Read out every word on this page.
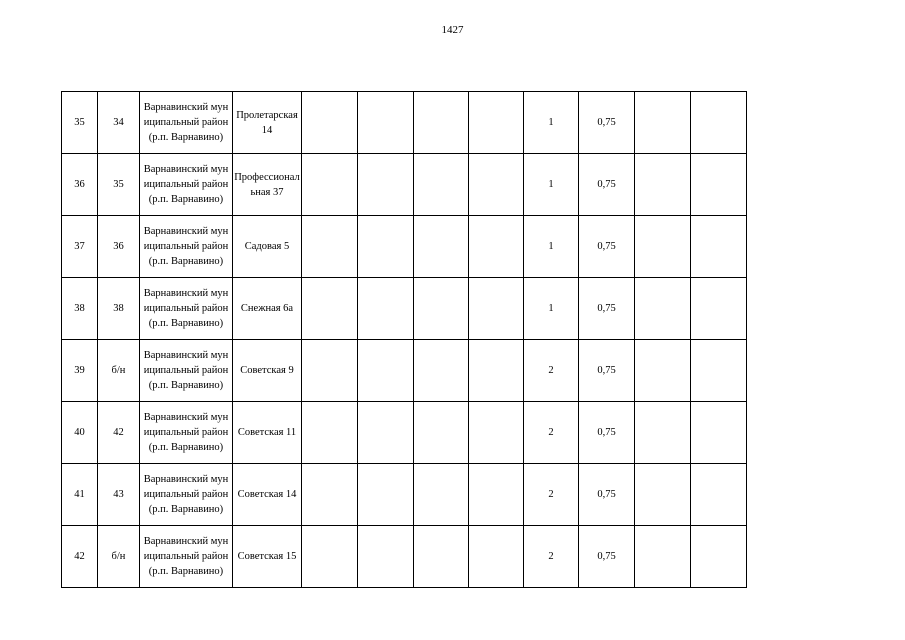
1427
35	34	Варнавинский муниципальный район (р.п. Варнавино)	Пролетарская 14					1	0,75		
36	35	Варнавинский муниципальный район (р.п. Варнавино)	Профессиональная 37					1	0,75		
37	36	Варнавинский муниципальный район (р.п. Варнавино)	Садовая 5					1	0,75		
38	38	Варнавинский муниципальный район (р.п. Варнавино)	Снежная 6а					1	0,75		
39	б/н	Варнавинский муниципальный район (р.п. Варнавино)	Советская 9					2	0,75		
40	42	Варнавинский муниципальный район (р.п. Варнавино)	Советская 11					2	0,75		
41	43	Варнавинский муниципальный район (р.п. Варнавино)	Советская 14					2	0,75		
42	б/н	Варнавинский муниципальный район (р.п. Варнавино)	Советская 15					2	0,75		
